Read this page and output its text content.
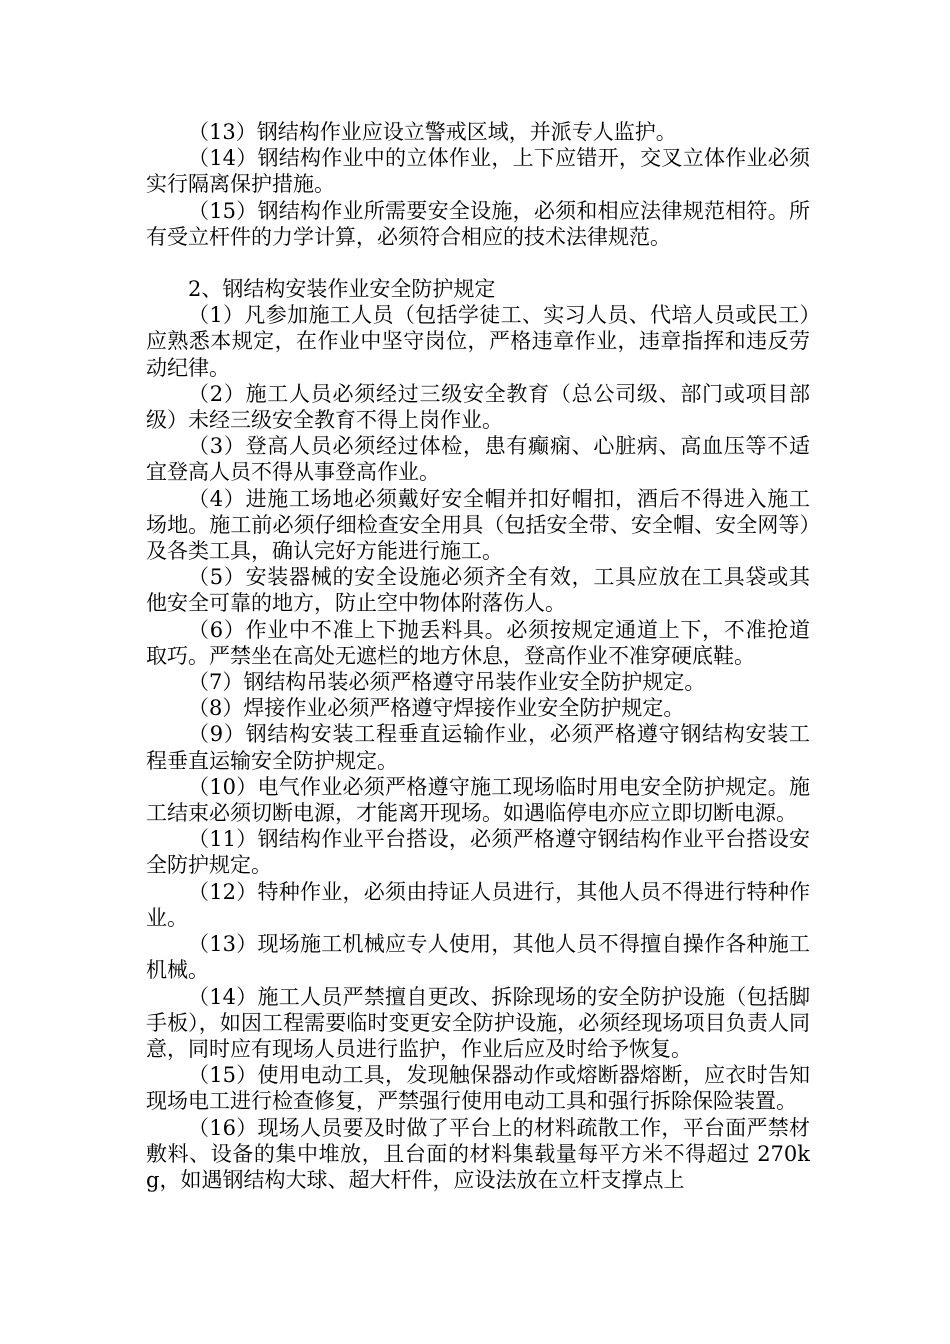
（13）钢结构作业应设立警戒区域，并派专人监护。

（14）钢结构作业中的立体作业，上下应错开，交叉立体作业必须实行隔离保护措施。

（15）钢结构作业所需要安全设施，必须和相应法律规范相符。所有受立杆件的力学计算，必须符合相应的技术法律规范。

2、钢结构安装作业安全防护规定

（1）凡参加施工人员（包括学徒工、实习人员、代培人员或民工）应熟悉本规定，在作业中坚守岗位，严格违章作业，违章指挥和违反劳动纪律。

（2）施工人员必须经过三级安全教育（总公司级、部门或项目部级）未经三级安全教育不得上岗作业。

（3）登高人员必须经过体检，患有癫痫、心脏病、高血压等不适宜登高人员不得从事登高作业。

（4）进施工场地必须戴好安全帽并扣好帽扣，酒后不得进入施工场地。施工前必须仔细检查安全用具（包括安全带、安全帽、安全网等）及各类工具，确认完好方能进行施工。

（5）安装器械的安全设施必须齐全有效，工具应放在工具袋或其他安全可靠的地方，防止空中物体附落伤人。

（6）作业中不准上下抛丢料具。必须按规定通道上下，不准抢道取巧。严禁坐在高处无遮栏的地方休息，登高作业不准穿硬底鞋。

（7）钢结构吊装必须严格遵守吊装作业安全防护规定。

（8）焊接作业必须严格遵守焊接作业安全防护规定。

（9）钢结构安装工程垂直运输作业，必须严格遵守钢结构安装工程垂直运输安全防护规定。

（10）电气作业必须严格遵守施工现场临时用电安全防护规定。施工结束必须切断电源，才能离开现场。如遇临停电亦应立即切断电源。

（11）钢结构作业平台搭设，必须严格遵守钢结构作业平台搭设安全防护规定。

（12）特种作业，必须由持证人员进行，其他人员不得进行特种作业。

（13）现场施工机械应专人使用，其他人员不得擅自操作各种施工机械。

（14）施工人员严禁擅自更改、拆除现场的安全防护设施（包括脚手板），如因工程需要临时变更安全防护设施，必须经现场项目负责人同意，同时应有现场人员进行监护，作业后应及时给予恢复。

（15）使用电动工具，发现触保器动作或熔断器熔断，应衣时告知现场电工进行检查修复，严禁强行使用电动工具和强行拆除保险装置。

（16）现场人员要及时做了平台上的材料疏散工作，平台面严禁材敷料、设备的集中堆放，且台面的材料集载量每平方米不得超过 270kg，如遇钢结构大球、超大杆件，应设法放在立杆支撑点上
